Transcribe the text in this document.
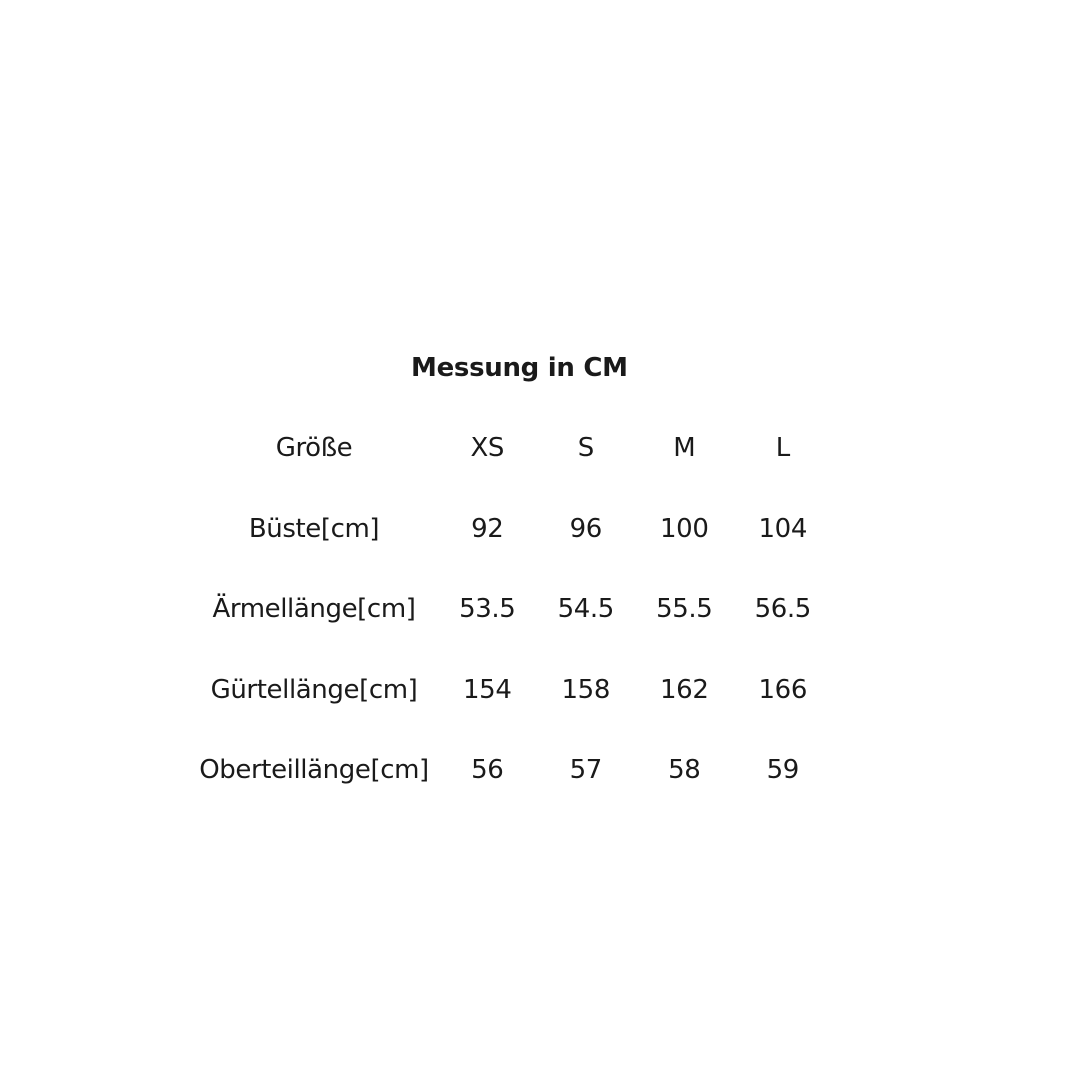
Messung in CM
Größe	XS	S	M	L
Büste[cm]	92	96	100	104
Ärmellänge[cm]	53.5	54.5	55.5	56.5
Gürtellänge[cm]	154	158	162	166
Oberteillänge[cm]	56	57	58	59
